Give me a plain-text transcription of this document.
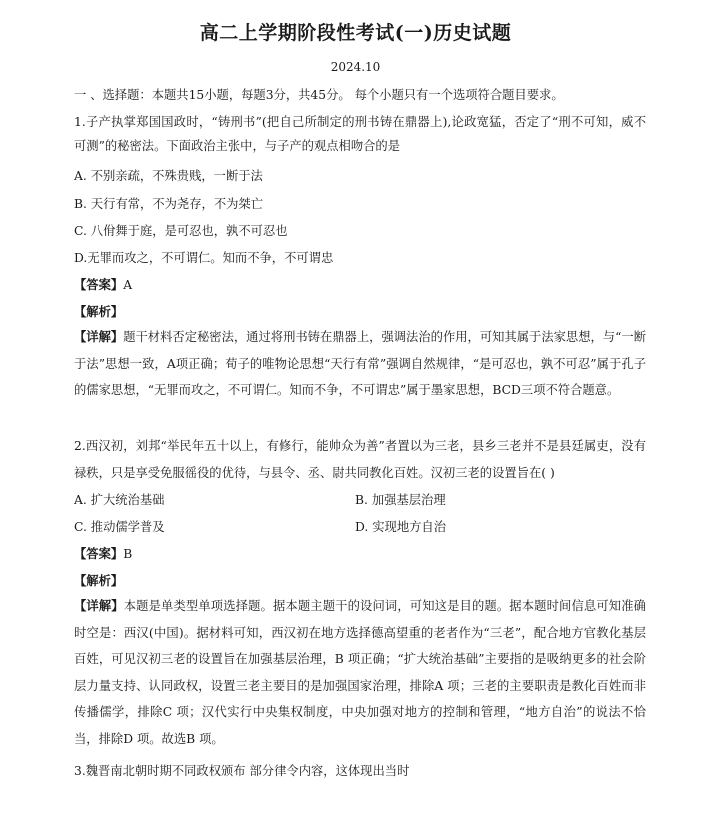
高二上学期阶段性考试(一)历史试题
2024.10
一 、选择题：本题共15小题，每题3分，共45分。 每个小题只有一个选项符合题目要求。
1.子产执掌郑国国政时，“铸刑书”(把自己所制定的刑书铸在鼎器上),论政宽猛，否定了“刑不可知，威不可测”的秘密法。下面政治主张中，与子产的观点相吻合的是
A. 不别亲疏，不殊贵贱，一断于法
B. 天行有常，不为尧存，不为桀亡
C. 八佾舞于庭，是可忍也，孰不可忍也
D.无罪而攻之，不可谓仁。知而不争，不可谓忠
【答案】A
【解析】
【详解】题干材料否定秘密法，通过将刑书铸在鼎器上，强调法治的作用，可知其属于法家思想，与“一断于法”思想一致，A项正确；荀子的唯物论思想“天行有常”强调自然规律，“是可忍也，孰不可忍”属于孔子的儒家思想，“无罪而攻之，不可谓仁。知而不争，不可谓忠”属于墨家思想，BCD三项不符合题意。
2.西汉初，刘邦“举民年五十以上，有修行，能帅众为善”者置以为三老，县乡三老并不是县廷属吏，没有禄秩，只是享受免服徭役的优待，与县令、丞、尉共同教化百姓。汉初三老的设置旨在( )
A. 扩大统治基础	B. 加强基层治理
C. 推动儒学普及	D. 实现地方自治
【答案】B
【解析】
【详解】本题是单类型单项选择题。据本题主题干的设问词，可知这是目的题。据本题时间信息可知准确时空是：西汉(中国)。据材料可知，西汉初在地方选择德高望重的老者作为“三老”，配合地方官教化基层百姓，可见汉初三老的设置旨在加强基层治理，B 项正确；“扩大统治基础”主要指的是吸纳更多的社会阶层力量支持、认同政权，设置三老主要目的是加强国家治理，排除A 项；三老的主要职责是教化百姓而非传播儒学，排除C 项；汉代实行中央集权制度，中央加强对地方的控制和管理，“地方自治”的说法不恰当，排除D 项。故选B 项。
3.魏晋南北朝时期不同政权颁布 部分律令内容，这体现出当时
